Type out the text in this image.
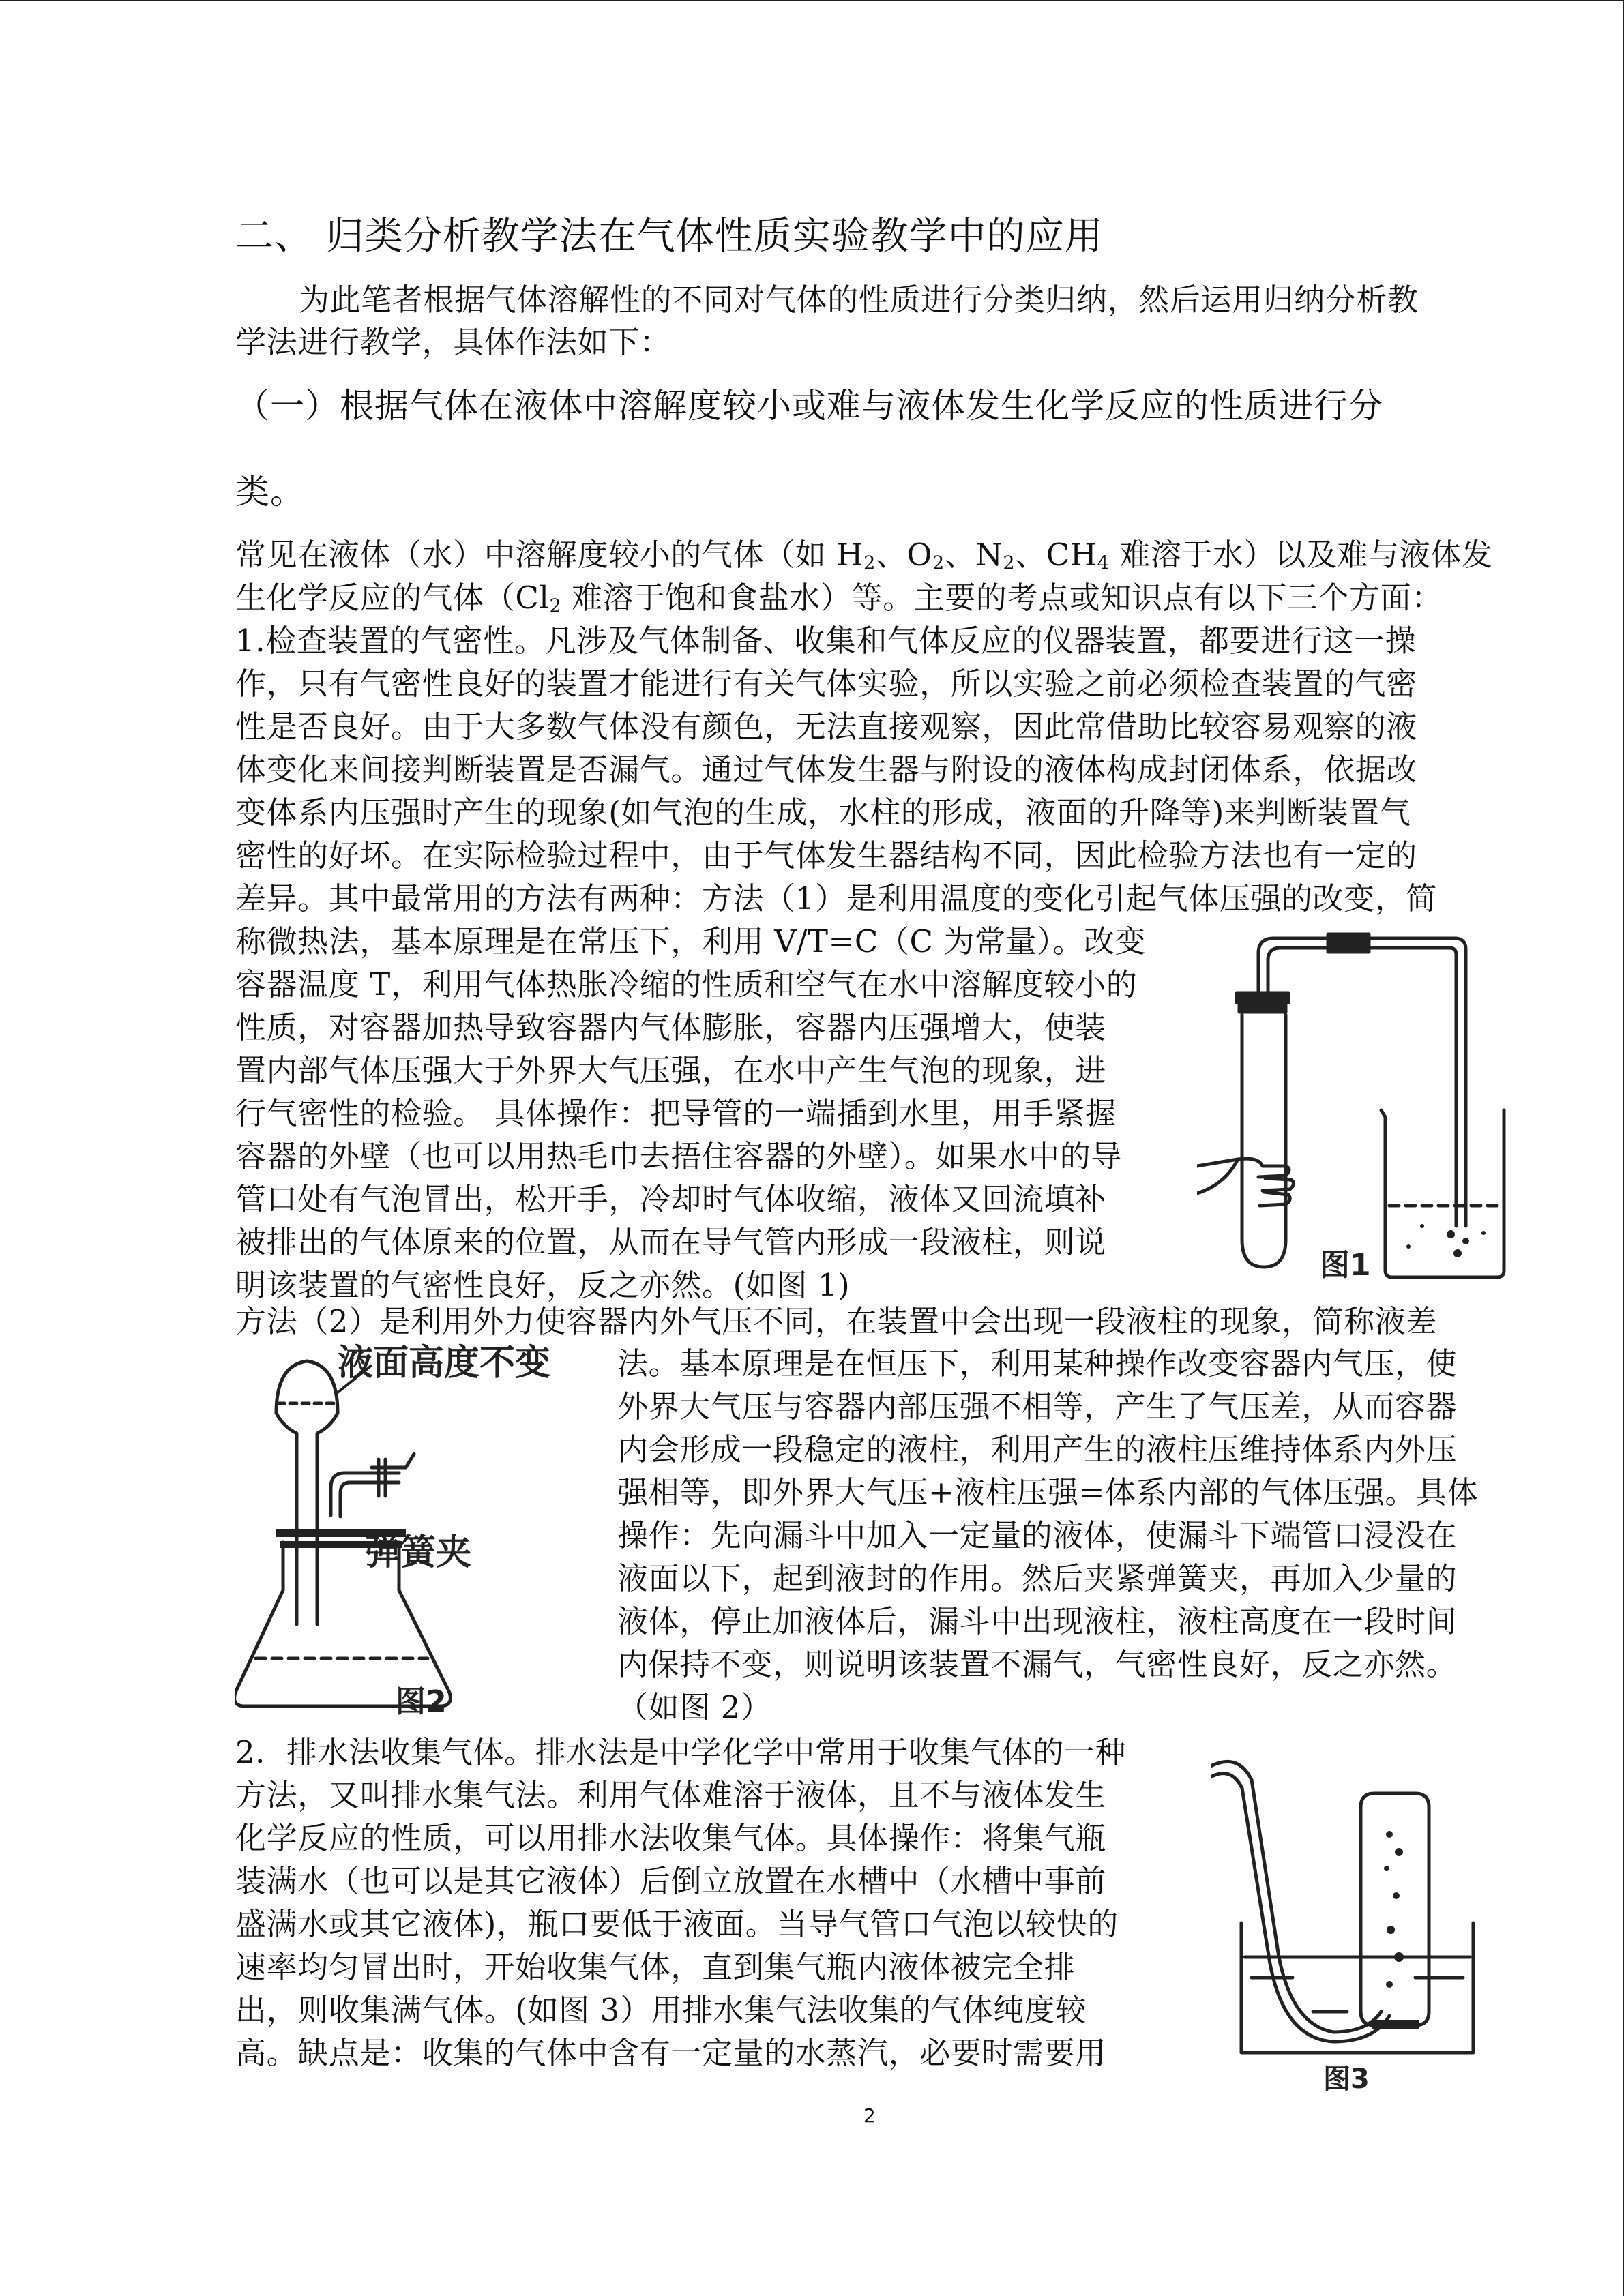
二、 归类分析教学法在气体性质实验教学中的应用
为此笔者根据气体溶解性的不同对气体的性质进行分类归纳，然后运用归纳分析教
学法进行教学，具体作法如下：
（一）根据气体在液体中溶解度较小或难与液体发生化学反应的性质进行分
类。
常见在液体（水）中溶解度较小的气体（如 $H_2$、$O_2$、$N_2$、$CH_4$ 难溶于水）以及难与液体发
生化学反应的气体（$Cl_2$ 难溶于饱和食盐水）等。主要的考点或知识点有以下三个方面：
1.检查装置的气密性。凡涉及气体制备、收集和气体反应的仪器装置，都要进行这一操
作，只有气密性良好的装置才能进行有关气体实验，所以实验之前必须检查装置的气密
性是否良好。由于大多数气体没有颜色，无法直接观察，因此常借助比较容易观察的液
体变化来间接判断装置是否漏气。通过气体发生器与附设的液体构成封闭体系，依据改
变体系内压强时产生的现象(如气泡的生成，水柱的形成，液面的升降等)来判断装置气
密性的好坏。在实际检验过程中，由于气体发生器结构不同，因此检验方法也有一定的
差异。其中最常用的方法有两种：方法（1）是利用温度的变化引起气体压强的改变，简
称微热法，基本原理是在常压下，利用 V/T=C（C 为常量）。改变
容器温度 T，利用气体热胀冷缩的性质和空气在水中溶解度较小的
性质，对容器加热导致容器内气体膨胀，容器内压强增大，使装
置内部气体压强大于外界大气压强，在水中产生气泡的现象，进
行气密性的检验。 具体操作：把导管的一端插到水里，用手紧握
容器的外壁（也可以用热毛巾去捂住容器的外壁）。如果水中的导
管口处有气泡冒出，松开手，冷却时气体收缩，液体又回流填补
被排出的气体原来的位置，从而在导气管内形成一段液柱，则说
明该装置的气密性良好，反之亦然。(如图 1)
方法（2）是利用外力使容器内外气压不同，在装置中会出现一段液柱的现象，简称液差
法。基本原理是在恒压下，利用某种操作改变容器内气压，使
外界大气压与容器内部压强不相等，产生了气压差，从而容器
内会形成一段稳定的液柱，利用产生的液柱压维持体系内外压
强相等，即外界大气压+液柱压强=体系内部的气体压强。具体
操作：先向漏斗中加入一定量的液体，使漏斗下端管口浸没在
液面以下，起到液封的作用。然后夹紧弹簧夹，再加入少量的
液体，停止加液体后，漏斗中出现液柱，液柱高度在一段时间
内保持不变，则说明该装置不漏气，气密性良好，反之亦然。
（如图 2）
2．排水法收集气体。排水法是中学化学中常用于收集气体的一种
方法，又叫排水集气法。利用气体难溶于液体，且不与液体发生
化学反应的性质，可以用排水法收集气体。具体操作：将集气瓶
装满水（也可以是其它液体）后倒立放置在水槽中（水槽中事前
盛满水或其它液体)，瓶口要低于液面。当导气管口气泡以较快的
速率均匀冒出时，开始收集气体，直到集气瓶内液体被完全排
出，则收集满气体。(如图 3）用排水集气法收集的气体纯度较
高。缺点是：收集的气体中含有一定量的水蒸汽，必要时需要用
图1
液面高度不变
弹簧夹
图2
图3
2
